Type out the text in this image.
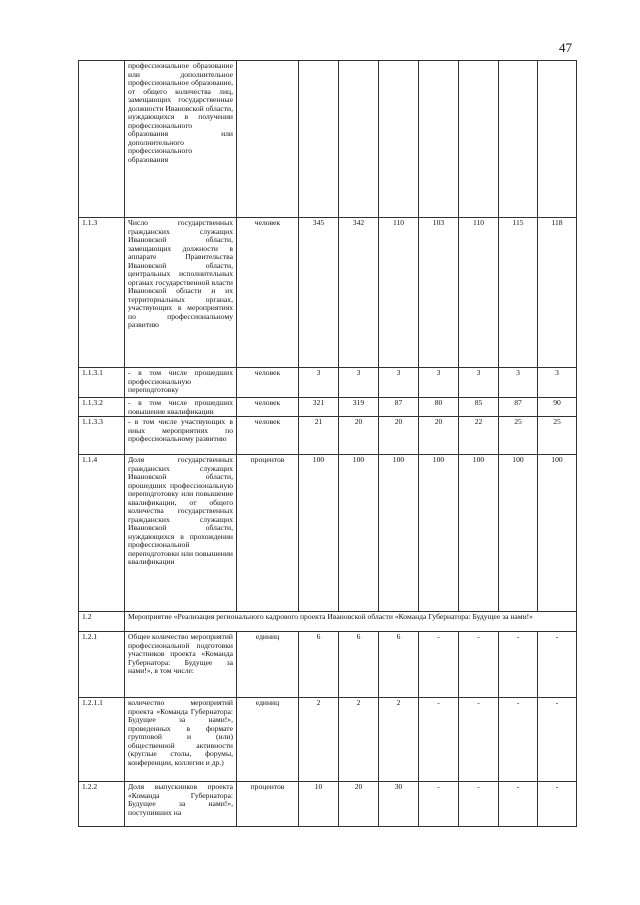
47
	профессиональное образование или дополнительное профессиональное образование, от общего количества лиц, замещающих государственные должности Ивановской области, нуждающихся в получении профессионального образования или дополнительного профессионального образования								
1.1.3	Число государственных гражданских служащих Ивановской области, замещающих должности в аппарате Правительства Ивановской области, центральных исполнительных органах государственной власти Ивановской области и их территориальных органах, участвующих в мероприятиях по профессиональному развитию	человек	345	342	110	103	110	115	118
1.1.3.1	- в том числе прошедших профессиональную переподготовку	человек	3	3	3	3	3	3	3
1.1.3.2	- в том числе прошедших повышение квалификации	человек	321	319	87	80	85	87	90
1.1.3.3	- в том числе участвующих в иных мероприятиях по профессиональному развитию	человек	21	20	20	20	22	25	25
1.1.4	Доля государственных гражданских служащих Ивановской области, прошедших профессиональную переподготовку или повышение квалификации, от общего количества государственных гражданских служащих Ивановской области, нуждающихся в прохождении профессиональной переподготовки или повышении квалификации	процентов	100	100	100	100	100	100	100
1.2	Мероприятие «Реализация регионального кадрового проекта Ивановской области «Команда Губернатора: Будущее за нами!»								
1.2.1	Общее количество мероприятий профессиональной подготовки участников проекта «Команда Губернатора: Будущее за нами!», в том числе:	единиц	6	6	6	-	-	-	-
1.2.1.1	количество мероприятий проекта «Команда Губернатора: Будущее за нами!», проведенных в формате групповой и (или) общественной активности (круглые столы, форумы, конференции, коллегии и др.)	единиц	2	2	2	-	-	-	-
1.2.2	Доля выпускников проекта «Команда Губернатора: Будущее за нами!», поступивших на	процентов	10	20	30	-	-	-	-
